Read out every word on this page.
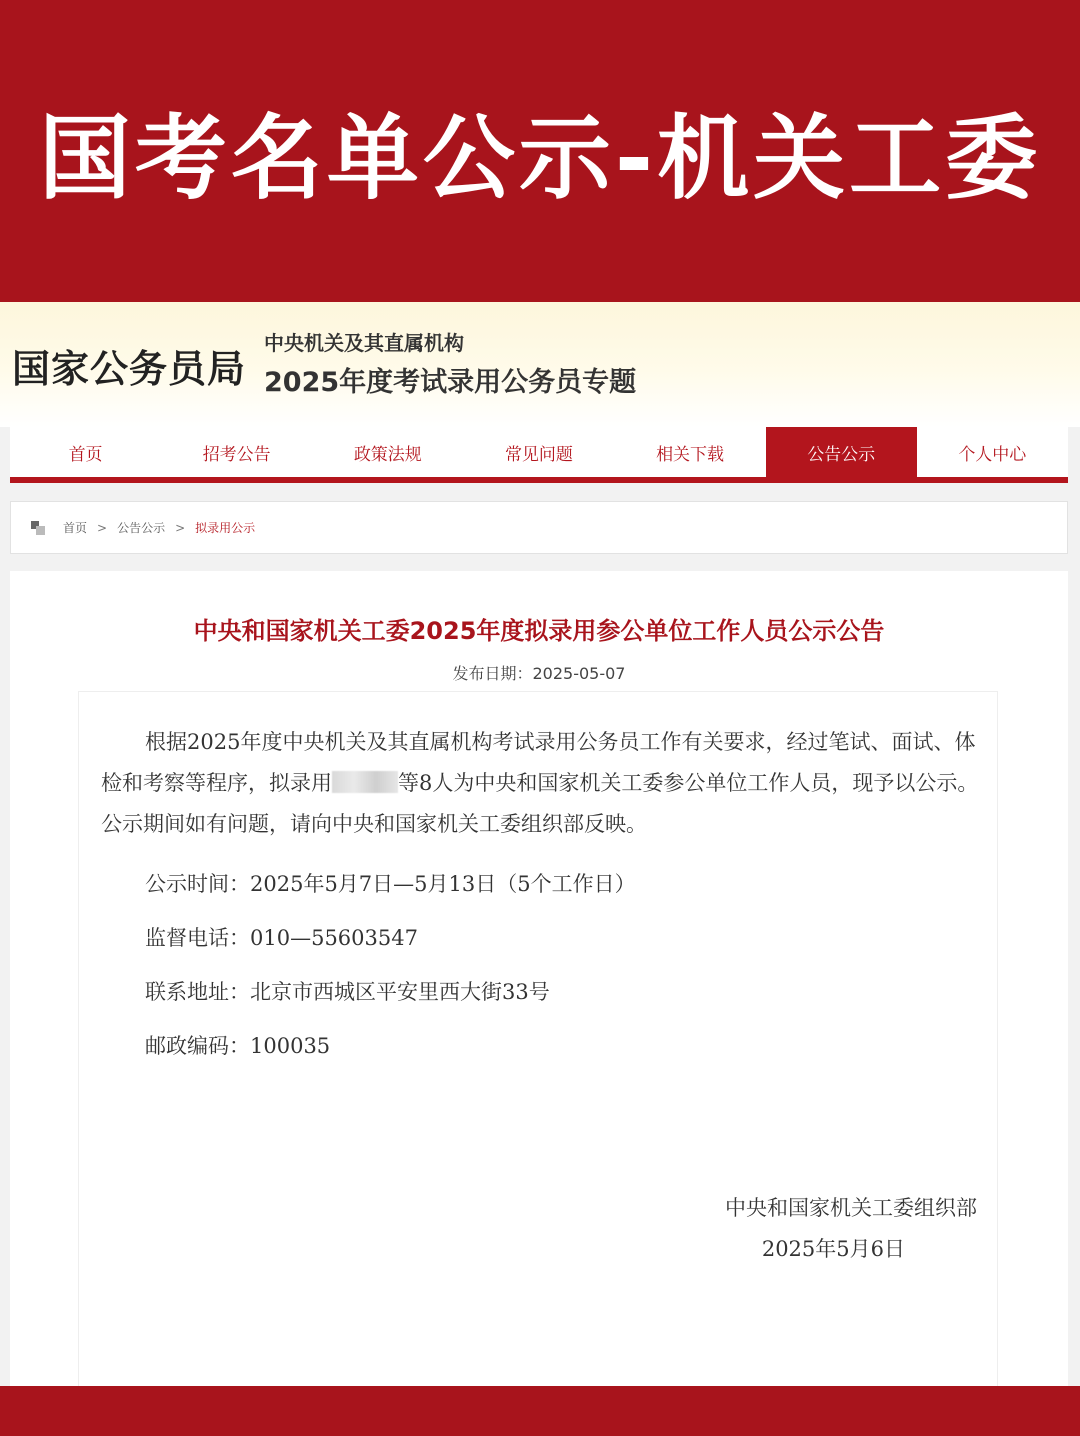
国考名单公示-机关工委
国家公务员局
中央机关及其直属机构
2025年度考试录用公务员专题
首页	招考公告	政策法规	常见问题	相关下载	公告公示	个人中心
首页 > 公告公示 > 拟录用公示
中央和国家机关工委2025年度拟录用参公单位工作人员公示公告
发布日期：2025-05-07

根据2025年度中央机关及其直属机构考试录用公务员工作有关要求，经过笔试、面试、体检和考察等程序，拟录用	等8人为中央和国家机关工委参公单位工作人员，现予以公示。公示期间如有问题，请向中央和国家机关工委组织部反映。

公示时间：2025年5月7日—5月13日（5个工作日）
监督电话：010—55603547
联系地址：北京市西城区平安里西大街33号
邮政编码：100035
中央和国家机关工委组织部
2025年5月6日
